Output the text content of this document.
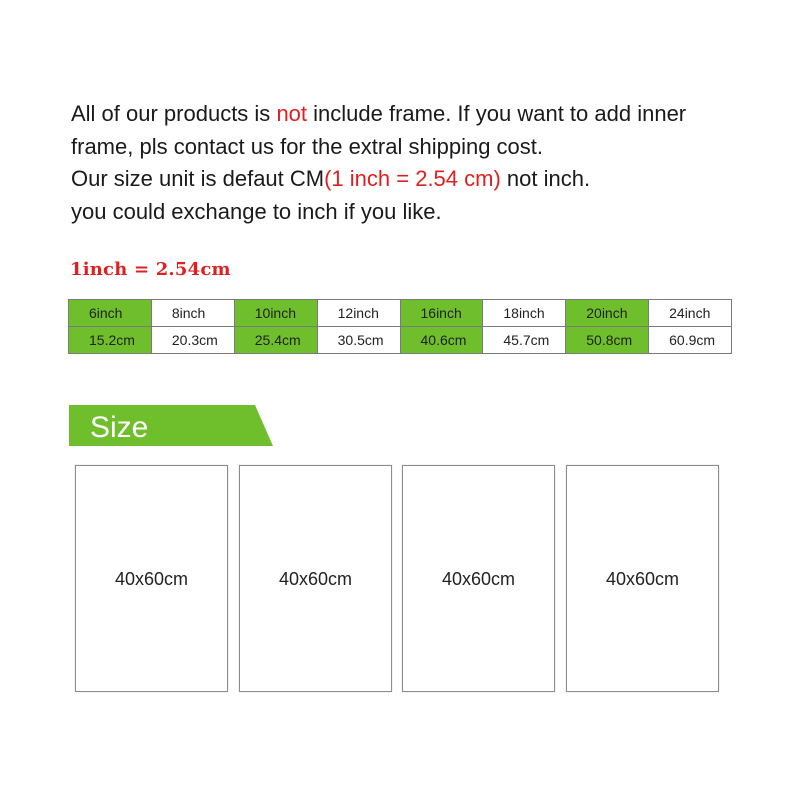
All of our products is not include frame. If you want to add inner
frame, pls contact us for the extral shipping cost.
Our size unit is defaut CM(1 inch = 2.54 cm) not inch.
you could exchange to inch if you like.
1inch = 2.54cm
6inch	8inch	10inch	12inch	16inch	18inch	20inch	24inch
15.2cm	20.3cm	25.4cm	30.5cm	40.6cm	45.7cm	50.8cm	60.9cm
Size
40x60cm	40x60cm	40x60cm	40x60cm
